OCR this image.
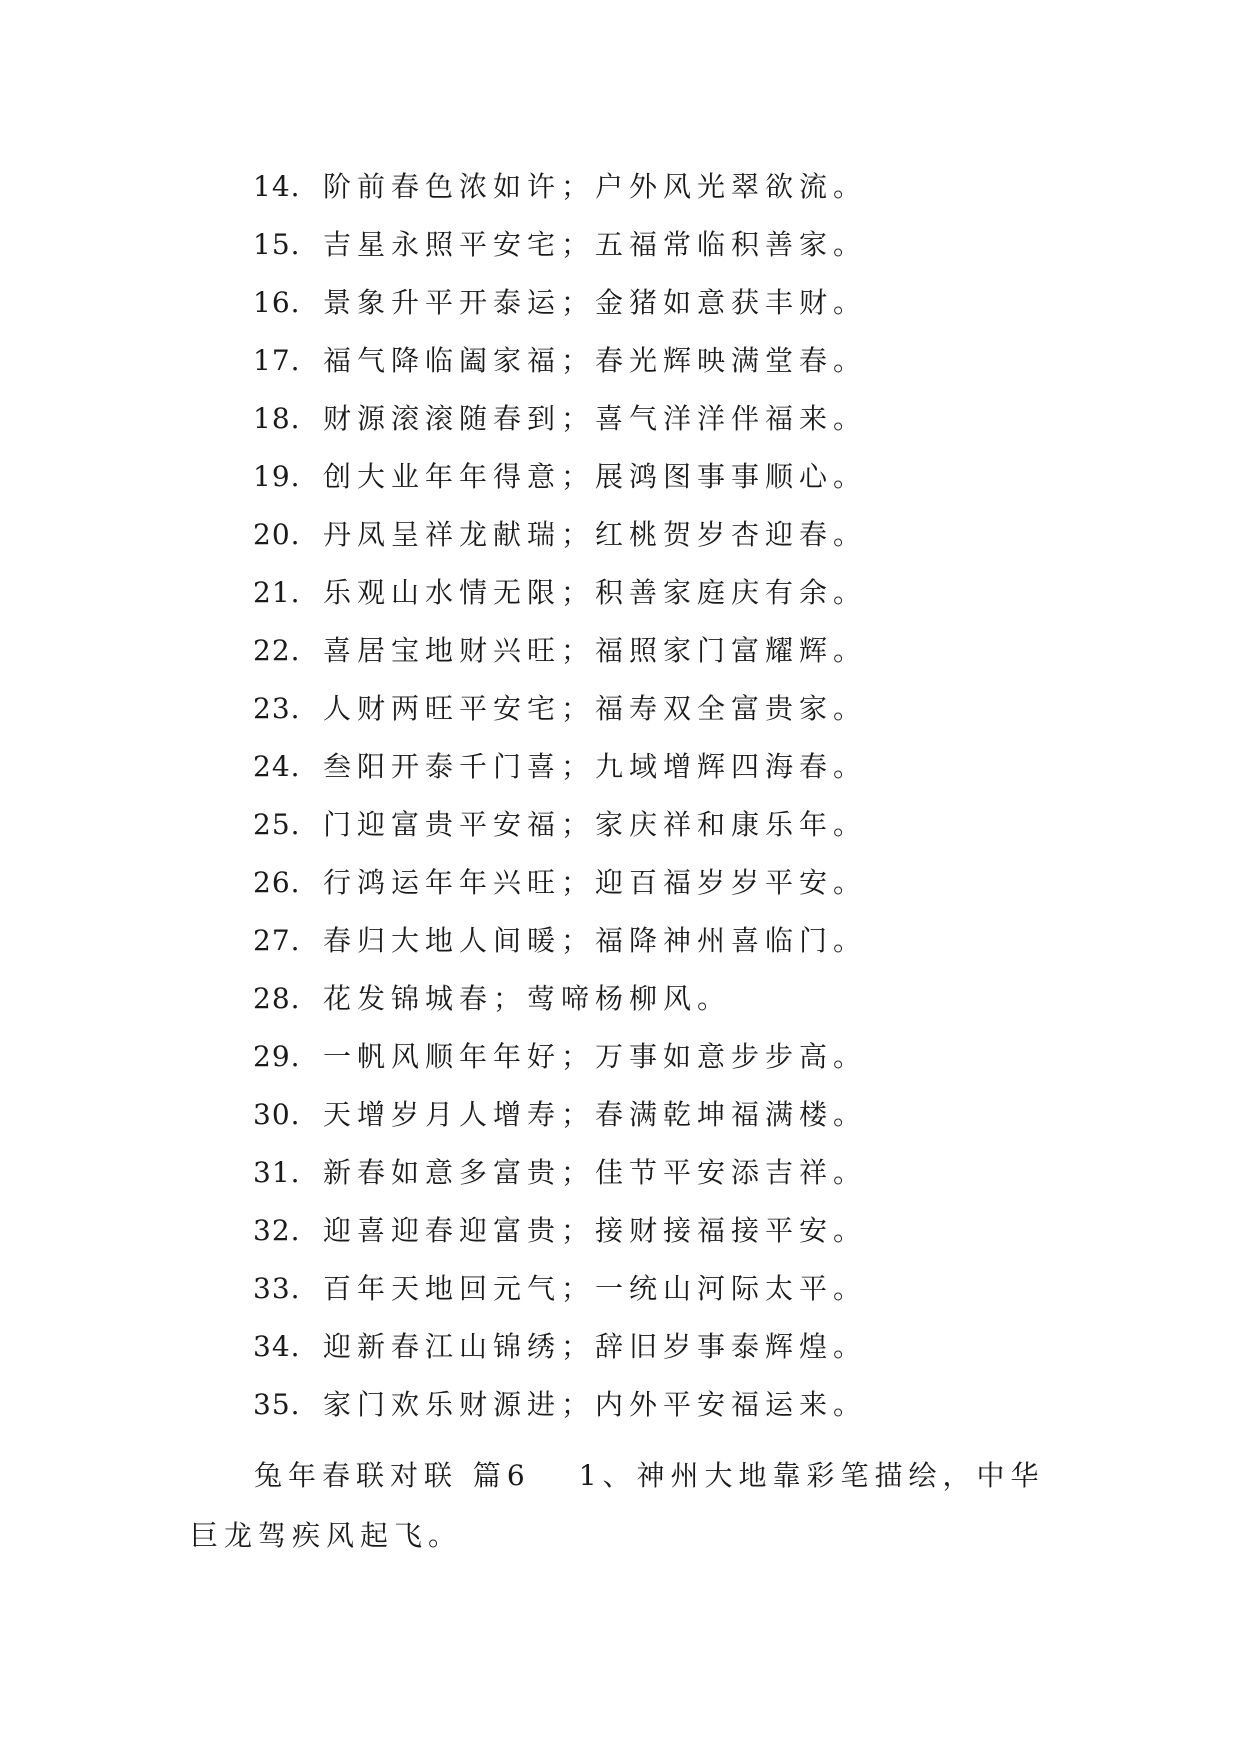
14. 阶前春色浓如许；户外风光翠欲流。
15. 吉星永照平安宅；五福常临积善家。
16. 景象升平开泰运；金猪如意获丰财。
17. 福气降临阖家福；春光辉映满堂春。
18. 财源滚滚随春到；喜气洋洋伴福来。
19. 创大业年年得意；展鸿图事事顺心。
20. 丹凤呈祥龙献瑞；红桃贺岁杏迎春。
21. 乐观山水情无限；积善家庭庆有余。
22. 喜居宝地财兴旺；福照家门富耀辉。
23. 人财两旺平安宅；福寿双全富贵家。
24. 叁阳开泰千门喜；九域增辉四海春。
25. 门迎富贵平安福；家庆祥和康乐年。
26. 行鸿运年年兴旺；迎百福岁岁平安。
27. 春归大地人间暖；福降神州喜临门。
28. 花发锦城春；莺啼杨柳风。
29. 一帆风顺年年好；万事如意步步高。
30. 天增岁月人增寿；春满乾坤福满楼。
31. 新春如意多富贵；佳节平安添吉祥。
32. 迎喜迎春迎富贵；接财接福接平安。
33. 百年天地回元气；一统山河际太平。
34. 迎新春江山锦绣；辞旧岁事泰辉煌。
35. 家门欢乐财源进；内外平安福运来。
兔年春联对联 篇6 1、神州大地靠彩笔描绘，中华
巨龙驾疾风起飞。
